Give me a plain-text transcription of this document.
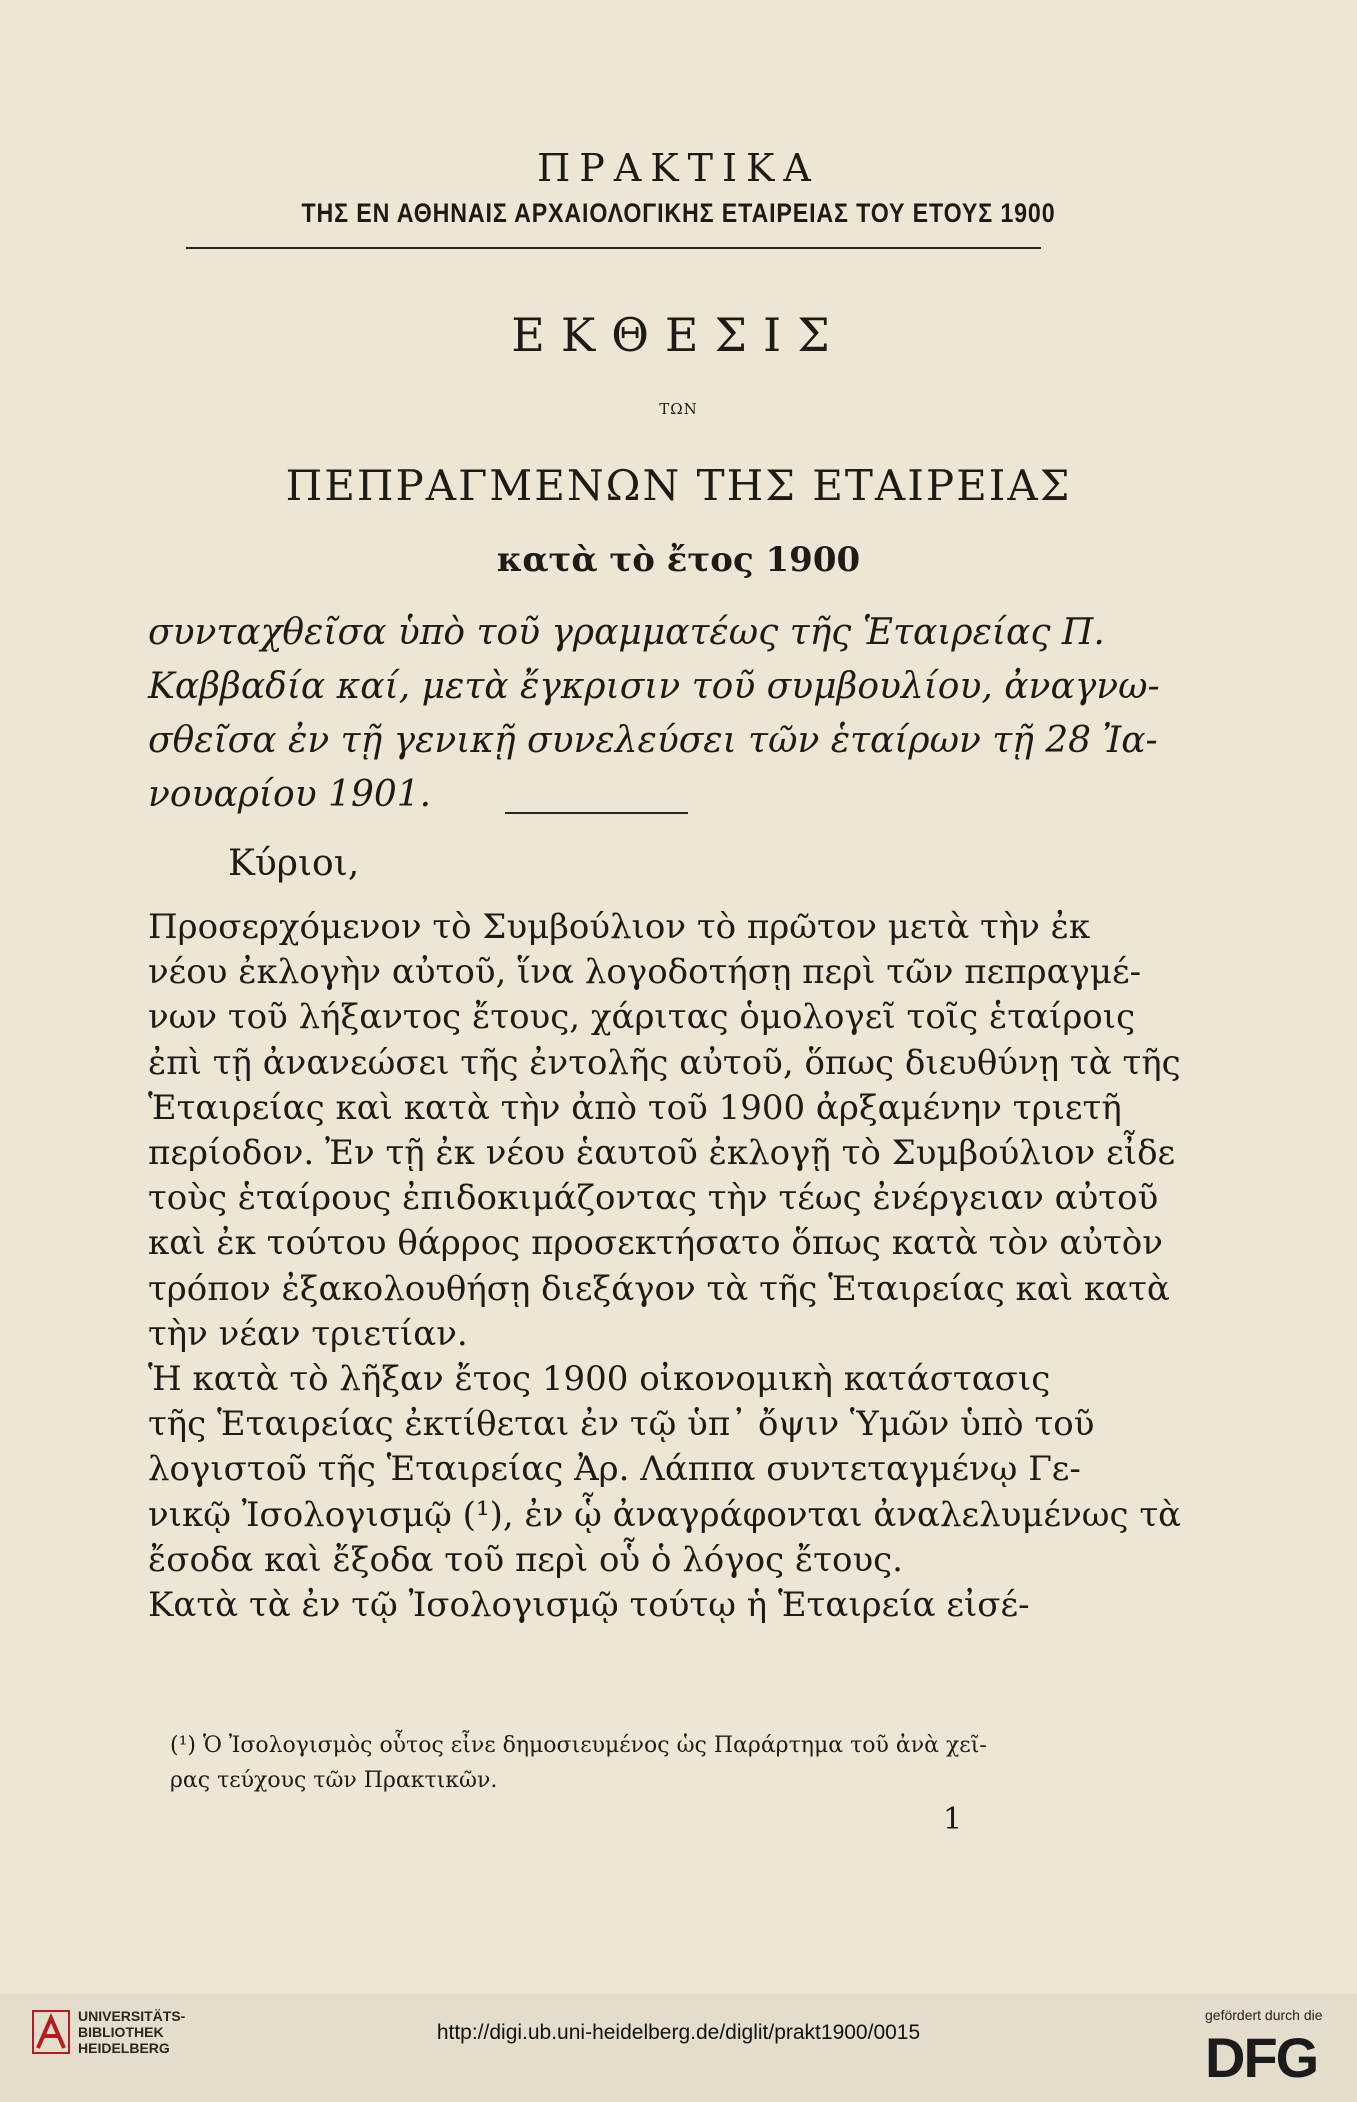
ΠΡΑΚΤΙΚΑ
ΤΗΣ ΕΝ ΑΘΗΝΑΙΣ ΑΡΧΑΙΟΛΟΓΙΚΗΣ ΕΤΑΙΡΕΙΑΣ ΤΟΥ ΕΤΟΥΣ 1900
ΕΚΘΕΣΙΣ
ΤΩΝ
ΠΕΠΡΑΓΜΕΝΩΝ ΤΗΣ ΕΤΑΙΡΕΙΑΣ
κατὰ τὸ ἔτος 1900

συνταχθεῖσα ὑπὸ τοῦ γραμματέως τῆς Ἑταιρείας Π.
Καββαδία καί, μετὰ ἔγκρισιν τοῦ συμβουλίου, ἀναγνω-
σθεῖσα ἐν τῇ γενικῇ συνελεύσει τῶν ἑταίρων τῇ 28 Ἰα-
νουαρίου 1901.

Κύριοι,

Προσερχόμενον τὸ Συμβούλιον τὸ πρῶτον μετὰ τὴν ἐκ
νέου ἐκλογὴν αὐτοῦ, ἵνα λογοδοτήσῃ περὶ τῶν πεπραγμέ-
νων τοῦ λήξαντος ἔτους, χάριτας ὁμολογεῖ τοῖς ἑταίροις
ἐπὶ τῇ ἀνανεώσει τῆς ἐντολῆς αὐτοῦ, ὅπως διευθύνῃ τὰ τῆς
Ἑταιρείας καὶ κατὰ τὴν ἀπὸ τοῦ 1900 ἀρξαμένην τριετῆ
περίοδον. Ἐν τῇ ἐκ νέου ἑαυτοῦ ἐκλογῇ τὸ Συμβούλιον εἶδε
τοὺς ἑταίρους ἐπιδοκιμάζοντας τὴν τέως ἐνέργειαν αὐτοῦ
καὶ ἐκ τούτου θάρρος προσεκτήσατο ὅπως κατὰ τὸν αὐτὸν
τρόπον ἐξακολουθήσῃ διεξάγον τὰ τῆς Ἑταιρείας καὶ κατὰ
τὴν νέαν τριετίαν.
Ἡ κατὰ τὸ λῆξαν ἔτος 1900 οἰκονομικὴ κατάστασις
τῆς Ἑταιρείας ἐκτίθεται ἐν τῷ ὑπ᾽ ὄψιν Ὑμῶν ὑπὸ τοῦ
λογιστοῦ τῆς Ἑταιρείας Ἀρ. Λάππα συντεταγμένῳ Γε-
νικῷ Ἰσολογισμῷ (¹), ἐν ᾧ ἀναγράφονται ἀναλελυμένως τὰ
ἔσοδα καὶ ἔξοδα τοῦ περὶ οὗ ὁ λόγος ἔτους.
Κατὰ τὰ ἐν τῷ Ἰσολογισμῷ τούτῳ ἡ Ἑταιρεία εἰσέ-

(¹) Ὁ Ἰσολογισμὸς οὗτος εἶνε δημοσιευμένος ὡς Παράρτημα τοῦ ἀνὰ χεῖ-
ρας τεύχους τῶν Πρακτικῶν.

1
UNIVERSITÄTS-
BIBLIOTHEK
HEIDELBERG
http://digi.ub.uni-heidelberg.de/diglit/prakt1900/0015
gefördert durch die
DFG
